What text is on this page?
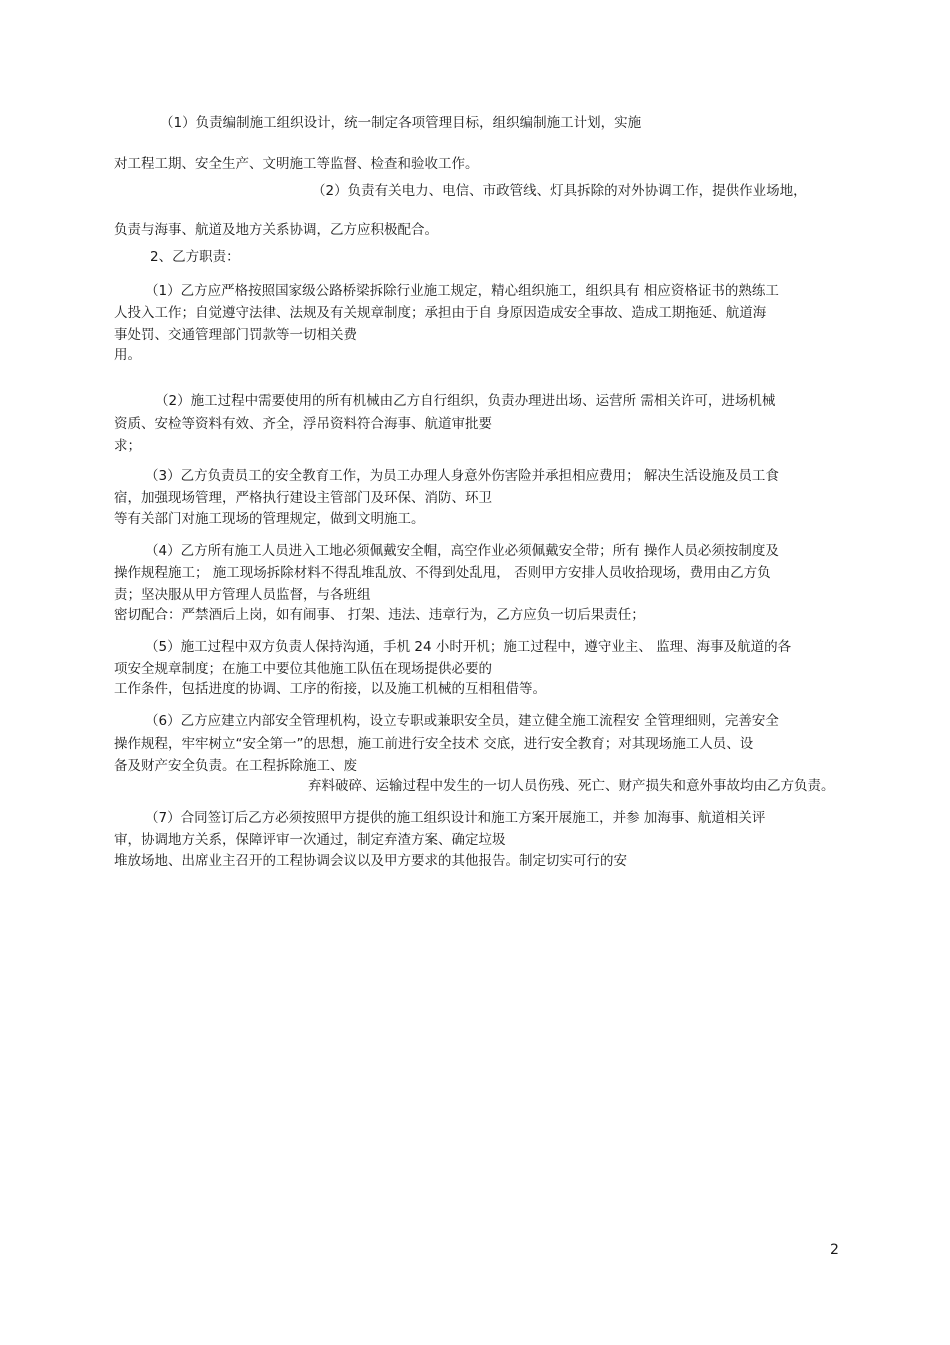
（1）负责编制施工组织设计，统一制定各项管理目标，组织编制施工计划，实施
对工程工期、安全生产、文明施工等监督、检查和验收工作。
（2）负责有关电力、电信、市政管线、灯具拆除的对外协调工作，提供作业场地，
负责与海事、航道及地方关系协调，乙方应积极配合。
2、乙方职责：
（1）乙方应严格按照国家级公路桥梁拆除行业施工规定，精心组织施工，组织具有 相应资格证书的熟练工
人投入工作；自觉遵守法律、法规及有关规章制度；承担由于自 身原因造成安全事故、造成工期拖延、航道海
事处罚、交通管理部门罚款等一切相关费
用。
（2）施工过程中需要使用的所有机械由乙方自行组织，负责办理进出场、运营所 需相关许可，进场机械
资质、安检等资料有效、齐全，浮吊资料符合海事、航道审批要
求；
（3）乙方负责员工的安全教育工作，为员工办理人身意外伤害险并承担相应费用； 解决生活设施及员工食
宿，加强现场管理，严格执行建设主管部门及环保、消防、环卫
等有关部门对施工现场的管理规定，做到文明施工。
（4）乙方所有施工人员进入工地必须佩戴安全帽，高空作业必须佩戴安全带；所有 操作人员必须按制度及
操作规程施工； 施工现场拆除材料不得乱堆乱放、不得到处乱甩， 否则甲方安排人员收拾现场，费用由乙方负
责；坚决服从甲方管理人员监督，与各班组
密切配合：严禁酒后上岗，如有闹事、 打架、违法、违章行为，乙方应负一切后果责任；
（5）施工过程中双方负责人保持沟通，手机 24 小时开机；施工过程中，遵守业主、 监理、海事及航道的各
项安全规章制度；在施工中要位其他施工队伍在现场提供必要的
工作条件，包括进度的协调、工序的衔接，以及施工机械的互相租借等。
（6）乙方应建立内部安全管理机构，设立专职或兼职安全员，建立健全施工流程安 全管理细则，完善安全
操作规程，牢牢树立“安全第一”的思想，施工前进行安全技术 交底，进行安全教育；对其现场施工人员、设
备及财产安全负责。在工程拆除施工、废
弃料破碎、运输过程中发生的一切人员伤残、死亡、财产损失和意外事故均由乙方负责。
（7）合同签订后乙方必须按照甲方提供的施工组织设计和施工方案开展施工，并参 加海事、航道相关评
审，协调地方关系，保障评审一次通过，制定弃渣方案、确定垃圾
堆放场地、出席业主召开的工程协调会议以及甲方要求的其他报告。制定切实可行的安
2
